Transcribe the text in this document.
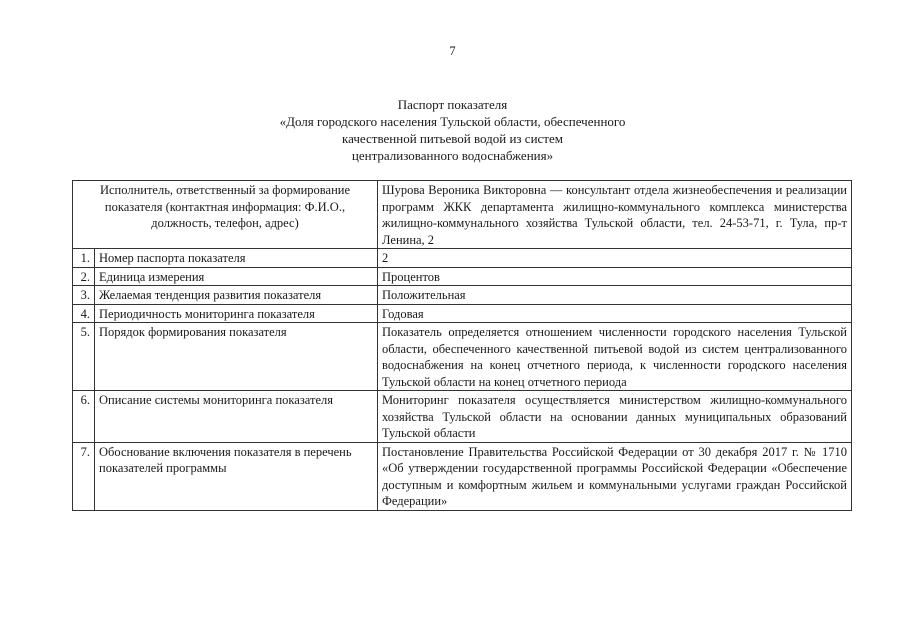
7
Паспорт показателя
«Доля городского населения Тульской области, обеспеченного
качественной питьевой водой из систем
централизованного водоснабжения»
Исполнитель, ответственный за формирование показателя (контактная информация: Ф.И.О., должность, телефон, адрес)		Шурова Вероника Викторовна — консультант отдела жизнеобеспечения и реализации программ ЖКК департамента жилищно-коммунального комплекса министерства жилищно-коммунального хозяйства Тульской области, тел. 24-53-71, г. Тула, пр-т Ленина, 2
1.	Номер паспорта показателя	2
2.	Единица измерения	Процентов
3.	Желаемая тенденция развития показателя	Положительная
4.	Периодичность мониторинга показателя	Годовая
5.	Порядок формирования показателя	Показатель определяется отношением численности городского населения Тульской области, обеспеченного качественной питьевой водой из систем централизованного водоснабжения на конец отчетного периода, к численности городского населения Тульской области на конец отчетного периода
6.	Описание системы мониторинга показателя	Мониторинг показателя осуществляется министерством жилищно-коммунального хозяйства Тульской области на основании данных муниципальных образований Тульской области
7.	Обоснование включения показателя в перечень показателей программы	Постановление Правительства Российской Федерации от 30 декабря 2017 г. № 1710 «Об утверждении государственной программы Российской Федерации «Обеспечение доступным и комфортным жильем и коммунальными услугами граждан Российской Федерации»
